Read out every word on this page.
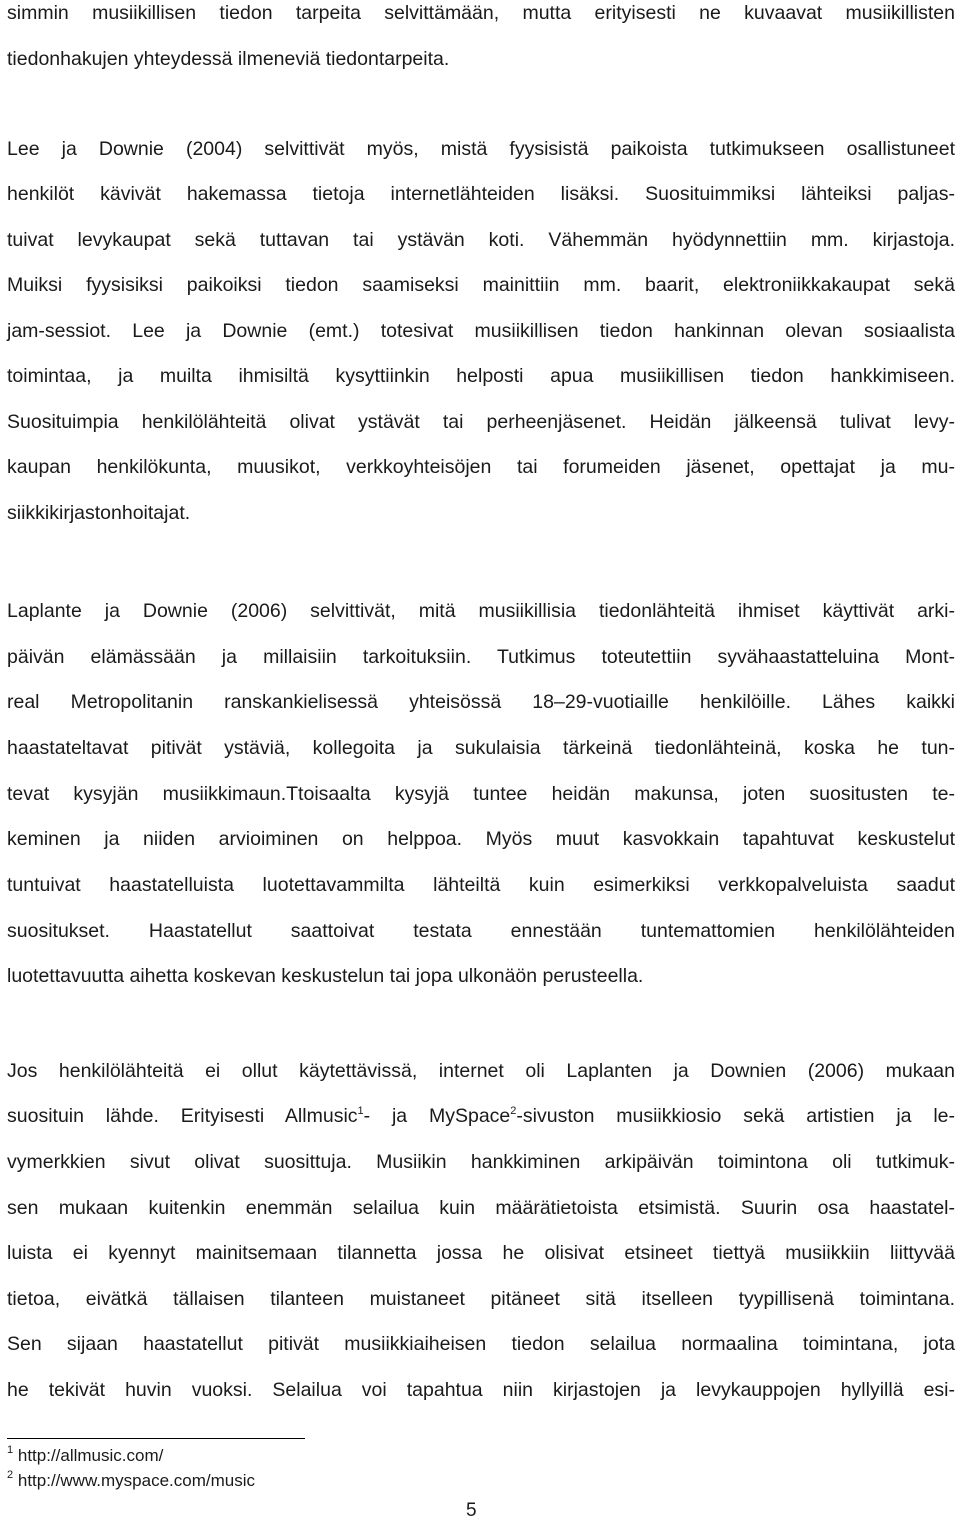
simmin musiikillisen tiedon tarpeita selvittämään, mutta erityisesti ne kuvaavat musiikillisten
tiedonhakujen yhteydessä ilmeneviä tiedontarpeita.
Lee ja Downie (2004) selvittivät myös, mistä fyysisistä paikoista tutkimukseen osallistuneet
henkilöt kävivät hakemassa tietoja internetlähteiden lisäksi. Suosituimmiksi lähteiksi paljas-
tuivat levykaupat sekä tuttavan tai ystävän koti. Vähemmän hyödynnettiin mm. kirjastoja.
Muiksi fyysisiksi paikoiksi tiedon saamiseksi mainittiin mm. baarit, elektroniikkakaupat sekä
jam-sessiot. Lee ja Downie (emt.) totesivat musiikillisen tiedon hankinnan olevan sosiaalista
toimintaa, ja muilta ihmisiltä kysyttiinkin helposti apua musiikillisen tiedon hankkimiseen.
Suosituimpia henkilölähteitä olivat ystävät tai perheenjäsenet. Heidän jälkeensä tulivat levy-
kaupan henkilökunta, muusikot, verkkoyhteisöjen tai forumeiden jäsenet, opettajat ja mu-
siikkikirjastonhoitajat.
Laplante ja Downie (2006) selvittivät, mitä musiikillisia tiedonlähteitä ihmiset käyttivät arki-
päivän elämässään ja millaisiin tarkoituksiin. Tutkimus toteutettiin syvähaastatteluina Mont-
real Metropolitanin ranskankielisessä yhteisössä 18–29-vuotiaille henkilöille. Lähes kaikki
haastateltavat pitivät ystäviä, kollegoita ja sukulaisia tärkeinä tiedonlähteinä, koska he tun-
tevat kysyjän musiikkimaun.Ttoisaalta kysyjä tuntee heidän makunsa, joten suositusten te-
keminen ja niiden arvioiminen on helppoa. Myös muut kasvokkain tapahtuvat keskustelut
tuntuivat haastatelluista luotettavammilta lähteiltä kuin esimerkiksi verkkopalveluista saadut
suositukset. Haastatellut saattoivat testata ennestään tuntemattomien henkilölähteiden
luotettavuutta aihetta koskevan keskustelun tai jopa ulkonäön perusteella.
Jos henkilölähteitä ei ollut käytettävissä, internet oli Laplanten ja Downien (2006) mukaan
suosituin lähde. Erityisesti Allmusic$^1$- ja MySpace$^2$-sivuston musiikkiosio sekä artistien ja le-
vymerkkien sivut olivat suosittuja. Musiikin hankkiminen arkipäivän toimintona oli tutkimuk-
sen mukaan kuitenkin enemmän selailua kuin määrätietoista etsimistä. Suurin osa haastatel-
luista ei kyennyt mainitsemaan tilannetta jossa he olisivat etsineet tiettyä musiikkiin liittyvää
tietoa, eivätkä tällaisen tilanteen muistaneet pitäneet sitä itselleen tyypillisenä toimintana.
Sen sijaan haastatellut pitivät musiikkiaiheisen tiedon selailua normaalina toimintana, jota
he tekivät huvin vuoksi. Selailua voi tapahtua niin kirjastojen ja levykauppojen hyllyillä esi-
$^1$ http://allmusic.com/
$^2$ http://www.myspace.com/music
5
